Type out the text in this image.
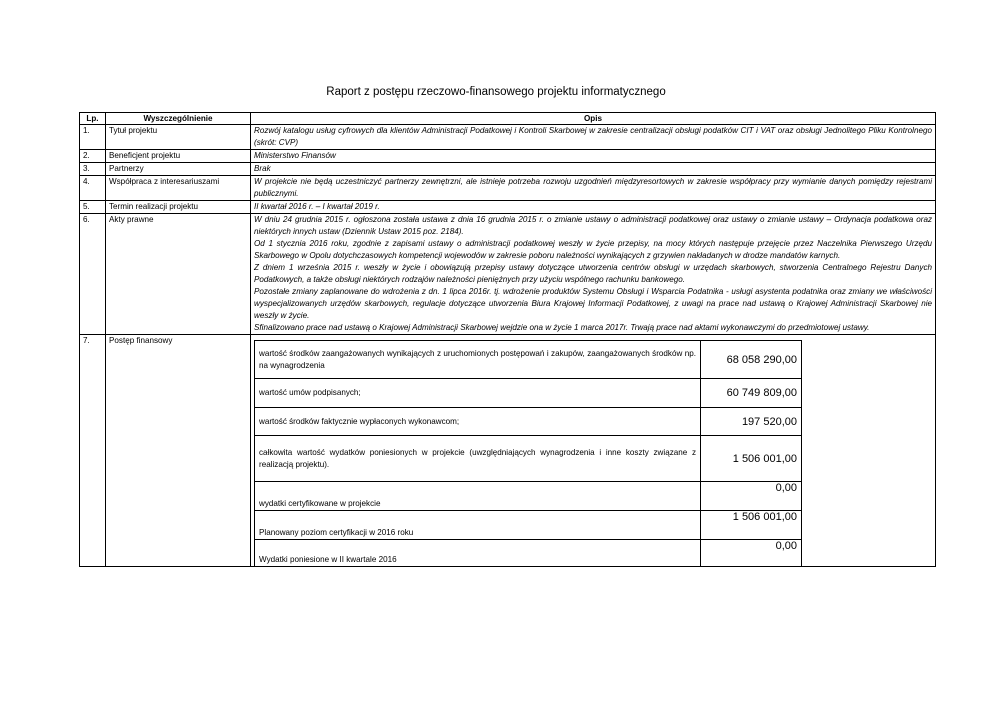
Raport z postępu rzeczowo-finansowego projektu informatycznego
Lp.	Wyszczególnienie	Opis
1.	Tytuł projektu	Rozwój katalogu usług cyfrowych dla klientów Administracji Podatkowej i Kontroli Skarbowej w zakresie centralizacji obsługi podatków CIT i VAT oraz obsługi Jednolitego Pliku Kontrolnego (skrót: CVP)
2.	Beneficjent projektu	Ministerstwo Finansów
3.	Partnerzy	Brak
4.	Współpraca z interesariuszami	W projekcie nie będą uczestniczyć partnerzy zewnętrzni, ale istnieje potrzeba rozwoju uzgodnień międzyresortowych w zakresie współpracy przy wymianie danych pomiędzy rejestrami publicznymi.
5.	Termin realizacji projektu	II kwartał 2016 r. – I kwartał 2019 r.
6.	Akty prawne	W dniu 24 grudnia 2015 r. ogłoszona została ustawa z dnia 16 grudnia 2015 r. o zmianie ustawy o administracji podatkowej oraz ustawy o zmianie ustawy – Ordynacja podatkowa oraz niektórych innych ustaw (Dziennik Ustaw 2015 poz. 2184).

Od 1 stycznia 2016 roku, zgodnie z zapisami ustawy o administracji podatkowej weszły w życie przepisy, na mocy których następuje przejęcie przez Naczelnika Pierwszego Urzędu Skarbowego w Opolu dotychczasowych kompetencji wojewodów w zakresie poboru należności wynikających z grzywien nakładanych w drodze mandatów karnych.

Z dniem 1 września 2015 r. weszły w życie i obowiązują przepisy ustawy dotyczące utworzenia centrów obsługi w urzędach skarbowych, stworzenia Centralnego Rejestru Danych Podatkowych, a także obsługi niektórych rodzajów należności pieniężnych przy użyciu wspólnego rachunku bankowego.

Pozostałe zmiany zaplanowane do wdrożenia z dn. 1 lipca 2016r. tj. wdrożenie produktów Systemu Obsługi i Wsparcia Podatnika - usługi asystenta podatnika oraz zmiany we właściwości wyspecjalizowanych urzędów skarbowych, regulacje dotyczące utworzenia Biura Krajowej Informacji Podatkowej, z uwagi na prace nad ustawą o Krajowej Administracji Skarbowej nie weszły w życie.

Sfinalizowano prace nad ustawą o Krajowej Administracji Skarbowej wejdzie ona w życie 1 marca 2017r. Trwają prace nad aktami wykonawczymi do przedmiotowej ustawy.

7.	Postęp finansowy	
wartość środków zaangażowanych wynikających z uruchomionych postępowań i zakupów, zaangażowanych środków np. na wynagrodzenia	68 058 290,00
wartość umów podpisanych;	60 749 809,00
wartość środków faktycznie wypłaconych wykonawcom;	197 520,00
całkowita wartość wydatków poniesionych w projekcie (uwzględniających wynagrodzenia i inne koszty związane z realizacją projektu).	1 506 001,00
wydatki certyfikowane w projekcie	0,00
Planowany poziom certyfikacji w 2016 roku	1 506 001,00
Wydatki poniesione w II kwartale 2016	0,00
